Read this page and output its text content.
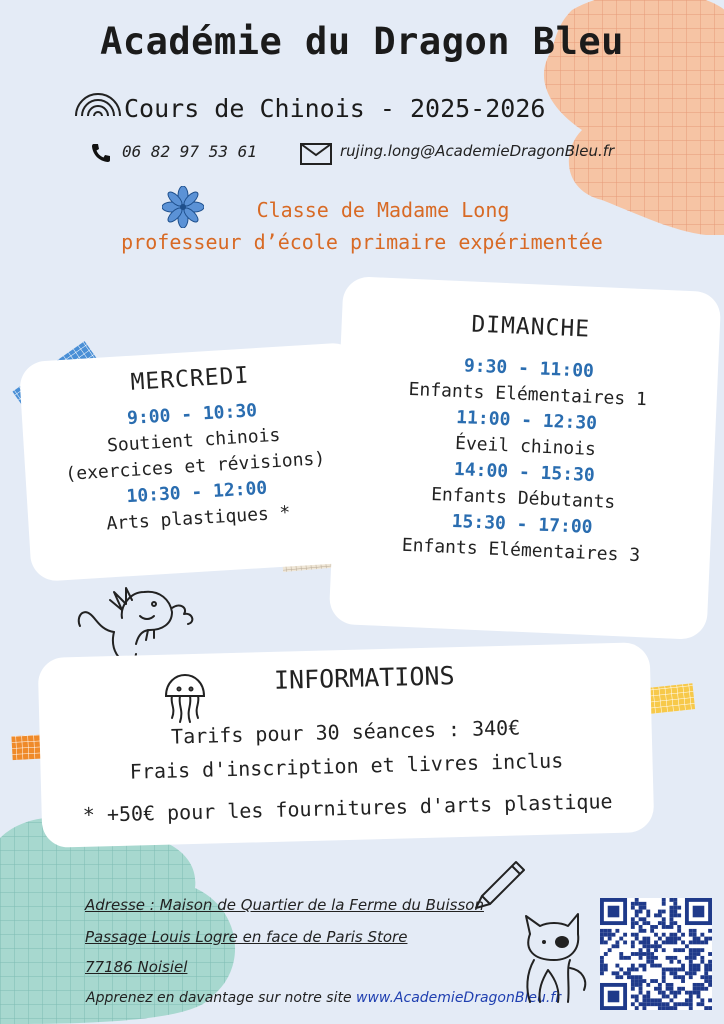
Académie du Dragon Bleu
Cours de Chinois - 2025-2026
06 82 97 53 61	rujing.long@AcademieDragonBleu.fr
Classe de Madame Long
professeur d’école primaire expérimentée
DIMANCHE
9:30 - 11:00
Enfants Elémentaires 1
11:00 - 12:30
Éveil chinois
14:00 - 15:30
Enfants Débutants
15:30 - 17:00
Enfants Elémentaires 3
MERCREDI
9:00 - 10:30
Soutient chinois
(exercices et révisions)
10:30 - 12:00
Arts plastiques *
INFORMATIONS
Tarifs pour 30 séances : 340€
Frais d'inscription et livres inclus
* +50€ pour les fournitures d'arts plastique
Adresse : Maison de Quartier de la Ferme du Buisson
Passage Louis Logre en face de Paris Store
77186 Noisiel
Apprenez en davantage sur notre site www.AcademieDragonBleu.fr
